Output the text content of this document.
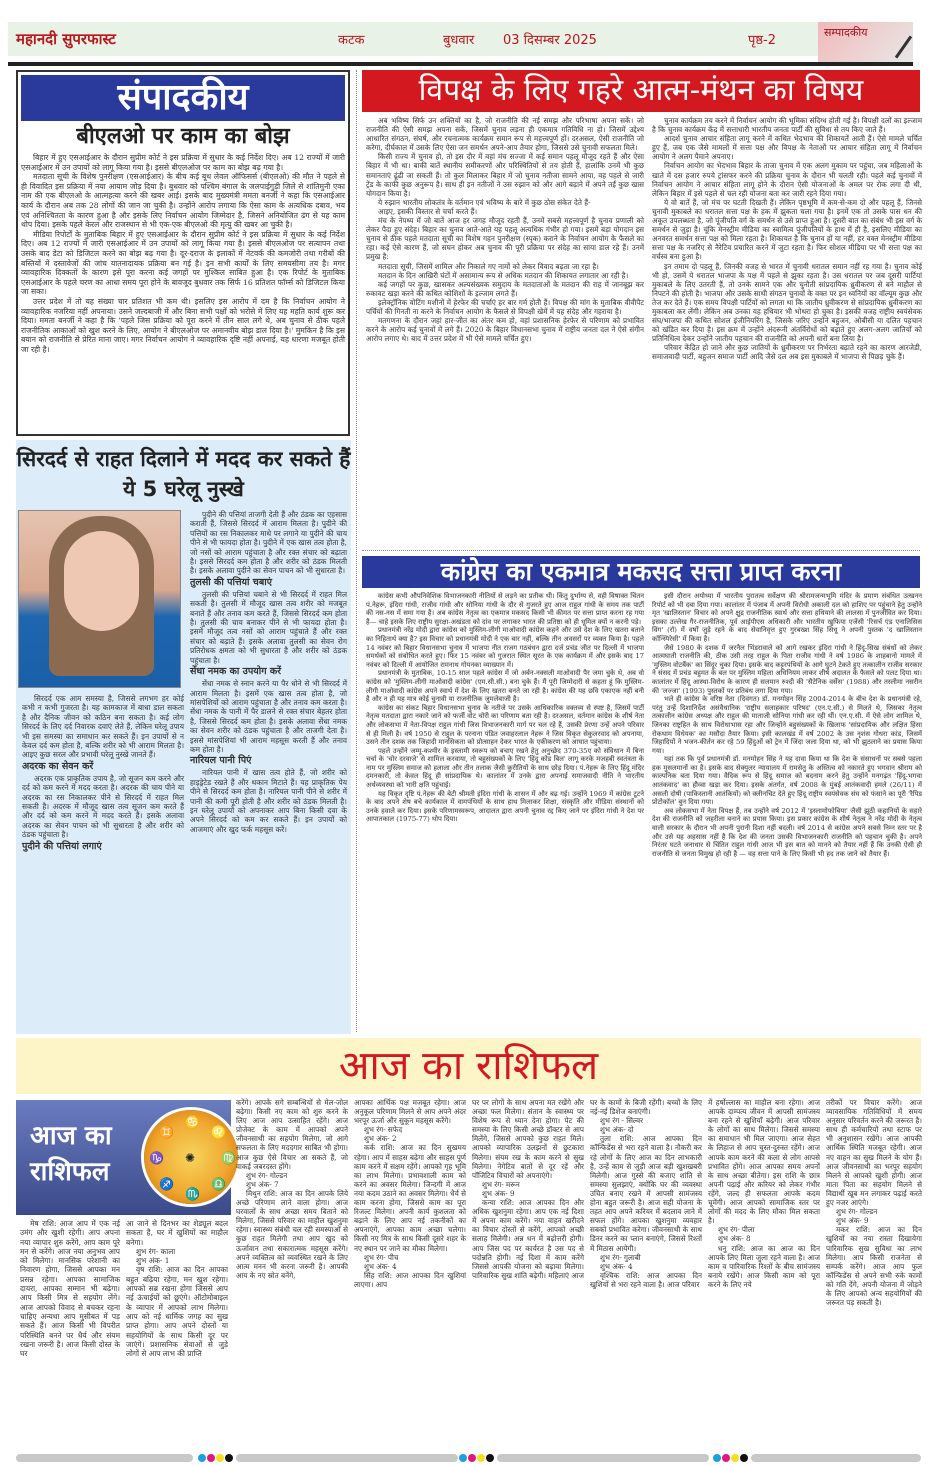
महानदी सुपरफास्ट	कटक	बुधवार 03 दिसम्बर 2025	पृष्ठ-2
सम्पादकीय
संपादकीय
बीएलओ पर काम का बोझ

बिहार में हुए एसआईआर के दौरान सुप्रीम कोर्ट ने इस प्रक्रिया में सुधार के कई निर्देश दिए। अब 12 राज्यों में जारी एसआईआर में उन उपायों को लागू किया गया है। इससे बीएलओज पर काम का बोझ बढ़ गया है।

मतदाता सूची के विशेष पुनरीक्षण (एसआईआर) के बीच कई बूथ लेवल ऑफिसर्स (बीएलओ) की मौत ने पहले से ही विवादित इस प्रक्रिया में नया आयाम जोड़ दिया है। बुधवार को पश्चिम बंगाल के जलपाईगुड़ी जिले से शांतिमुनी एका नाम की एक बीएलओ के आत्महत्या करने की खबर आई। इसके बाद मुख्यमंत्री ममता बनर्जी ने कहा कि एसआईआर कार्य के दौरान अब तक 28 लोगों की जान जा चुकी है। उन्होंने आरोप लगाया कि ऐसा काम के अत्यधिक दबाव, भय एवं अनिश्चितता के कारण हुआ है और इसके लिए निर्वाचन आयोग जिम्मेदार है, जिसने अनियोजित ढंग से यह काम थोप दिया। इसके पहले केरल और राजस्थान से भी एक-एक बीएलओ की मृत्यु की खबर आ चुकी है।

मीडिया रिपोर्टों के मुताबिक बिहार में हुए एसआईआर के दौरान सुप्रीम कोर्ट ने इस प्रक्रिया में सुधार के कई निर्देश दिए। अब 12 राज्यों में जारी एसआईआर में उन उपायों को लागू किया गया है। इससे बीएलओज पर सत्यापन तथा उसके बाद डेटा को डिजिटल करने का बोझ बढ़ गया है। दूर-दराज के इलाकों में नेटवर्क की कमजोरी तथा गरीबों की बस्तियों में दस्तावेजों की जांच यातनादायक प्रक्रिया बन गई है। इन सभी कार्यों के लिए समयसीमा तय है। मगर व्यावहारिक दिक्कतों के कारण इसे पूरा करना कई जगहों पर मुश्किल साबित हुआ है। एक रिपोर्ट के मुताबिक एसआईआर के पहले चरण का आधा समय पूरा होने के बावजूद बुधवार तक सिर्फ 16 प्रतिशत फॉर्म्स को डिजिटल किया जा सका।

उत्तर प्रदेश में तो यह संख्या चार प्रतिशत भी कम थी। इसलिए इस आरोप में दम है कि निर्वाचन आयोग ने व्यावहारिक नजरिया नहीं अपनाया। उसने जल्दबाजी में और बिना सभी पक्षों को भरोसे में लिए यह महति कार्य शुरू कर दिया। ममता बनर्जी ने कहा है कि 'पहले जिस प्रक्रिया को पूरा करने में तीन साल लगे थे, अब चुनाव से ठीक पहले राजनीतिक आकाओं को खुश करने के लिए, आयोग ने बीएलओज पर अमानवीय बोझ डाल दिया है।' मुमकिन है कि इस बयान को राजनीति से प्रेरित माना जाए। मगर निर्वाचन आयोग ने व्यावहारिक दृष्टि नहीं अपनाई, यह धारणा मजबूत होती जा रही है।

सिरदर्द से राहत दिलाने में मदद कर सकते हैं ये 5 घरेलू नुस्खे

पुदीने की पत्तियां ताजगी देती हैं और ठंडक का एहसास कराती हैं, जिससे सिरदर्द में आराम मिलता है। पुदीने की पत्तियों का रस निकालकर माथे पर लगाने या पुदीने की चाय पीने से भी फायदा होता है। पुदीने में एक खास तत्व होता है, जो नसों को आराम पहुंचाता है और रक्त संचार को बढ़ाता है। इससे सिरदर्द कम होता है और शरीर को ठंडक मिलती है। इसके अलावा पुदीने का सेवन पाचन को भी सुधारता है।

तुलसी की पत्तियां चबाएं

तुलसी की पत्तियां चबाने से भी सिरदर्द में राहत मिल सकती है। तुलसी में मौजूद खास तत्व शरीर को मजबूत बनाते हैं और तनाव कम करते हैं, जिससे सिरदर्द कम होता है। तुलसी की चाय बनाकर पीने से भी फायदा होता है। इसमें मौजूद तत्व नसों को आराम पहुंचाते हैं और रक्त संचार को बढ़ाते हैं। इसके अलावा तुलसी का सेवन रोग प्रतिरोधक क्षमता को भी सुधारता है और शरीर को ठंडक पहुंचाता है।

सेंधा नमक का उपयोग करें

सेंधा नमक से स्नान करने या पैर धोने से भी सिरदर्द में आराम मिलता है। इसमें एक खास तत्व होता है, जो मांसपेशियों को आराम पहुंचाता है और तनाव कम करता है। सेंधा नमक के पानी में पैर डालने से रक्त संचार बेहतर होता है, जिससे सिरदर्द कम होता है। इसके अलावा सेंधा नमक का सेवन शरीर को ठंडक पहुंचाता है और ताजगी देता है। इससे मांसपेशियां भी आराम महसूस करती हैं और तनाव कम होता है।

नारियल पानी पिएं

नारियल पानी में खास तत्व होते हैं, जो शरीर को हाइड्रेटेड रखते हैं और थकान मिटाते हैं। यह प्राकृतिक पेय पीने से सिरदर्द कम होता है। नारियल पानी पीने से शरीर में पानी की कमी पूरी होती है और शरीर को ठंडक मिलती है। इन घरेलू उपायों को अपनाकर आप बिना किसी दवा के अपने सिरदर्द को कम कर सकते हैं। इन उपायों को आजमाएं और खुद फर्क महसूस करें।

सिरदर्द एक आम समस्या है, जिससे लगभग हर कोई कभी न कभी गुजरता है। यह कामकाज में बाधा डाल सकता है और दैनिक जीवन को कठिन बना सकता है। कई लोग सिरदर्द के लिए दर्द निवारक दवाएं लेते हैं, लेकिन घरेलू उपाय भी इस समस्या का समाधान कर सकते हैं। इन उपायों से न केवल दर्द कम होता है, बल्कि शरीर को भी आराम मिलता है। आइए कुछ सरल और प्रभावी घरेलू नुस्खे जानते हैं।

अदरक का सेवन करें

अदरक एक प्राकृतिक उपाय है, जो सूजन कम करने और दर्द को कम करने में मदद करता है। अदरक की चाय पीने या अदरक का रस निकालकर पीने से सिरदर्द में राहत मिल सकती है। अदरक में मौजूद खास तत्व सूजन कम करते हैं और दर्द को कम करने में मदद करते हैं। इसके अलावा अदरक का सेवन पाचन को भी सुधारता है और शरीर को ठंडक पहुंचाता है।

पुदीने की पत्तियां लगाएं
विपक्ष के लिए गहरे आत्म-मंथन का विषय

अब भविष्य सिर्फ उन शक्तियों का है, जो राजनीति की नई समझ और परिभाषा अपना सकें। जो राजनीति की ऐसी समझ अपना सकें, जिसमें चुनाव लड़ना ही एकमात्र गतिविधि ना हो। जिसमें उद्देश्य आधारित संगठन, संघर्ष, और रचनात्मक कार्यक्रम समान रूप से महत्त्वपूर्ण हों। दरअसल, ऐसी राजनीति जो करेगा, दीर्घकाल में उसके लिए ऐसा जन समर्थन अपने-आप तैयार होगा, जिससे उसे चुनावी सफलता मिले।

किसी राज्य में चुनाव हो, तो इस दौर में वहां मंच सज्जा में कई समान पहलू मौजूद रहते हैं और ऐसा बिहार में भी था। बाकी बातें स्थानीय समीकरणों और परिस्थितियों से तय होती हैं, हालांकि उनमें भी कुछ समानताएं ढूंढी जा सकती हैं। तो कुल मिलाकर बिहार में जो चुनाव नतीजा सामने आया, वह पहले से जारी ट्रेंड के काफी कुछ अनुरूप है। साथ ही इन नतीजों ने उस रुझान को और आगे बढ़ाने में अपने तईं कुछ खास योगदान किया है।

ये रुझान भारतीय लोकतंत्र के वर्तमान एवं भविष्य के बारे में कुछ ठोस संकेत देते हैं-

आइए, इसकी विस्तार से चर्चा करते हैं।

मंच के नेपथ्य में जो बातें आज हर जगह मौजूद रहती हैं, उनमें सबसे महत्त्वपूर्ण है चुनाव प्रणाली को लेकर पैदा हुए संदेह। बिहार का चुनाव आते-आते यह पहलू अत्यधिक गंभीर हो गया। इसमें बड़ा योगदान इस चुनाव से ठीक पहले मतदाता सूची का विशेष गहन पुनरीक्षण (स्पृक) कराने के निर्वाचन आयोग के फैसले का रहा। कई ऐसे कारण हैं, जो सघन होकर अब चुनाव की पूरी प्रक्रिया पर संदेह का साया डाल रहे हैं। उनमें प्रमुख है:

मतदाता सूची, जिसमें शामिल और निकाले गए नामों को लेकर विवाद बढ़ता जा रहा है।

मतदान के दिन आखिरी घंटों में असामान्य रूप से अधिक मतदान की शिकायत लगातार आ रही है।

कई जगहों पर कुछ, खासकर अल्पसंख्यक समुदाय के मतदाताओं के मतदान की राह में जानबूझ कर रुकावट खड़ा करने की कथित कोशिशों के इल्जाम लगते हैं।

इलेक्ट्रॉनिक वोटिंग मशीनों में हेरफेर की चर्चाएं हर बार गर्म होती हैं। विपक्ष की मांग के मुताबिक वीवीपैट पर्चियों की गिनती ना करने के निर्वाचन आयोग के फैसले से विपक्षी खेमें में यह संदेह और गहराया है।

मतगणना के दौरान जहां हार-जीत का अंतर कम हो, वहां प्रशासनिक हेरफेर से परिणाम को प्रभावित करने के आरोप कई चुनावों में लगे हैं। 2020 के बिहार विधानसभा चुनाव में राष्ट्रीय जनता दल ने ऐसे संगीन आरोप लगाए थे। बाद में उत्तर प्रदेश में भी ऐसे मामले चर्चित हुए।

चुनाव कार्यक्रम तय करने में निर्वाचन आयोग की भूमिका संदिग्ध होती गई है। विपक्षी दलों का इल्जाम है कि चुनाव कार्यक्रम केंद्र में सत्ताधारी भारतीय जनता पार्टी की सुविधा से तय किए जाते हैं।

आदर्श चुनाव आचार संहिता लागू करने में कथित भेदभाव की शिकायतें आती हैं। ऐसे मामले चर्चित हुए हैं, जब एक जैसे मामलों में सत्ता पक्ष और विपक्ष के नेताओं पर आचार संहिता लागू में निर्वाचन आयोग ने अलग पैमाने अपनाए।

निर्वाचन आयोग का भेदभाव बिहार के ताजा चुनाव में एक अलग मुकाम पर पहुंचा, जब महिलाओं के खाते में दस हजार रुपये ट्रांसफर करने की प्रक्रिया चुनाव के दौरान भी चलती रही। पहले कई चुनावों में निर्वाचन आयोग ने आचार संहिता लागू होने के दौरान ऐसी योजनाओं के अमल पर रोक लगा दी थी, लेकिन बिहार में इसे पहले से चल रही योजना बता कर जारी रहने दिया गया।

ये वो बातें हैं, जो मंच पर घटती दिखती हैं। लेकिन पृष्ठभूमि में कम-से-कम दो और पहलू हैं, जिनसे चुनावी मुकाबले का धरातल सत्ता पक्ष के हक में झुकता चला गया है। इनमें एक तो उसके पास धन की अकूत उपलब्धता है, जो पूंजीपति वर्ग के समर्थन से उसे प्राप्त हुआ है। दूसरी बात का संबंध भी इस वर्ग के समर्थन से जुड़ा है। चूंकि मेनस्ट्रीम मीडिया का स्वामित्व पूंजीपतियों के हाथ में ही है, इसलिए मीडिया का अनवरत समर्थन सत्ता पक्ष को मिला रहता है। शिकायत है कि चुनाव हों या नहीं, हर वक्त मेनस्ट्रीम मीडिया सत्ता पक्ष के नजरिए से नैरेटिव प्रचारित करने में जुटा रहता है। फिर सोशल मीडिया पर भी सत्ता पक्ष का वर्चस्व बना हुआ है।

इन तमाम दो पहलू हैं, जिनकी वजह से भारत में चुनावी धरातल समान नहीं रह गया है। चुनाव कोई भी हो, उसमें ये धरातल भाजपा के पक्ष में पहले से झुका रहता है। उस धरातल पर जब दूसरी पार्टियां मुकाबले के लिए उतरती हैं, तो उनके सामने एक और चुनौती सांप्रदायिक ध्रुवीकरण से बने माहौल से निपटने की होती है। भाजपा और उसके साथी संगठन चुनावों के वक्त पर इन ध्वनियों का वॉल्यूम कुछ और तेज कर देते हैं। एक समय विपक्षी पार्टियों को लगता था कि जातीय ध्रुवीकरण से सांप्रदायिक ध्रुवीकरण का मुकाबला कर लेंगी। लेकिन अब उनका यह हथियार भी भोथरा हो चुका है। इसकी वजह राष्ट्रीय स्वयंसेवक संघ/भाजपा की कथित सोशल इंजीनियरिंग है, जिसके जरिए उन्होंने बहुजन, ओबीसी या दलित पहचान को खंडित कर दिया है। इस क्रम में उन्होंने अंदरूनी अंतर्विरोधों को बढ़ाते हुए अलग-अलग जातियों को प्रतिनिधित्व देकर उन्होंने जातीय पहचान की राजनीति को अपनी धारों बना लिया है।

परिवार केंद्रित हो जाने और कुछ जातियों के ध्रुवीकरण पर निर्भरता बढ़ाते रहने का कारण आरजेडी, समाजवादी पार्टी, बहुजन समाज पार्टी आदि जैसे दल अब इस मुकाबले में भाजपा से पिछड़ चुके हैं।

कांग्रेस का एकमात्र मकसद सत्ता प्राप्त करना

कांग्रेस कभी औपनिवेशिक विभाजनकारी नीतियों से लड़ने का प्रतीक थी। किंतु दुर्भाग्य से, वही विषाक्त चिंतन पं.नेहरू, इंदिरा गांधी, राजीव गांधी और सोनिया गांधी के दौर से गुजरते हुए आज राहुल गांधी के समय तक पार्टी की नस-नस में समा गया है। अब कांग्रेस नेतृत्व का एकमात्र मकसद किसी भी कीमत पर सत्ता प्राप्त करना रह गया है— चाहे इसके लिए राष्ट्रीय सुरक्षा-अखंडता को दांव पर लगाकर भारत की प्रतिष्ठा को ही धूमिल क्यों न करनी पड़े।

प्रधानमंत्री नरेंद्र मोदी द्वारा कांग्रेस को मुस्लिम-लीगी माओवादी कांग्रेस कहने और उसे देश के लिए खतरा बताने का निहितार्थ क्या है? इस विचार को प्रधानमंत्री मोदी ने एक बार नहीं, बल्कि तीन अवसरों पर व्यक्त किया है। पहले 14 नवंबर को बिहार विधानसभा चुनाव में भाजपा नीत राजग गठबंधन द्वारा दर्ज प्रचंड जीत पर दिल्ली में भाजपा समर्थकों को संबोधित करते हुए। फिर 15 नवंबर को गुजरात स्थित सूरत के एक कार्यक्रम में और इसके बाद 17 नवंबर को दिल्ली में आयोजित रामनाथ गोयनका व्याख्यान में।

प्रधानमंत्री के मुताबिक, 10-15 साल पहले कांग्रेस में जो अर्बन-नक्सली माओवादी पैर जमा चुके थे, अब वो कांग्रेस को 'मुस्लिम-लीगी माओवादी कांग्रेस' (एम.सी.सी.) बना चुके हैं। मैं पूरी जिम्मेदारी से कहता हूं कि मुस्लिम-लीगी माओवादी कांग्रेस अपने स्वार्थ में देश के लिए खतरा बनते जा रही है। कांग्रेस की यह छवि एकाएक नहीं बनी है और न ही यह मात्र कोई चुनावी या राजनीतिक जुमलेबाजी है।

कांग्रेस का संकट बिहार विधानसभा चुनाव के नतीजे पर उसके आधिकारिक वक्तव्य से स्पष्ट है, जिसमें पार्टी नेतृत्व मतदाता द्वारा नकारे जाने को फर्जी वोट चोरी का परिणाम बता रही है। दरअसल, वर्तमान कांग्रेस के शीर्ष नेता और लोकसभा में नेता-विपक्ष राहुल गांधी जिस विभाजनकारी मार्ग पर चल रहे हैं, उसकी प्रेरणा उन्हें अपने परिवार से ही मिली है। वर्ष 1950 से राहुल के परनाना पंडित जवाहरलाल नेहरू ने जिस विकृत सेकुलरवाद को अपनाया, उसने तीन दशक तक जिहादी मानसिकता को प्रोत्साहन देकर भारत के एकीकरण को आघात पहुंचाया।

पहले उन्होंने जम्मू-कश्मीर के इस्लामी स्वरूप को बचाए रखने हेतु अनुच्छेद 370-35ए को संविधान में बिना चर्चा के 'चोर दरवाजे' से शामिल करवाया, तो बहुसंख्यकों के लिए 'हिंदू कोड बिल' लागू करके मजहबी स्वतंत्रता के नाम पर मुस्लिम समाज को हलाला और तीन तलाक जैसी कुरीतियों के साथ छोड़ दिया। पं.नेहरू के लिए हिंदू मंदिर दमनकारी, तो केवल हिंदू ही सांप्रदायिक थे। कालांतर में उनके द्वारा अपनाई समाजवादी नीति ने भारतीय अर्थव्यवस्था को भारी क्षति पहुंचाई।

यह विकृत दृष्टि पं.नेहरू की बेटी श्रीमती इंदिरा गांधी के शासन में और बढ़ गई। उन्होंने 1969 में कांग्रेस टूटने के बाद अपने शेष बचे कार्यकाल में वामपंथियों के साथ हाथ मिलाकर शिक्षा, संस्कृति और मीडिया संस्थानों को उनके हवाले कर दिया। इसके परिणामस्वरूप, आदालत द्वारा अपनी चुनाव रद्द किए जाने पर इंदिरा गांधी ने देश पर आपातकाल (1975-77) थोप दिया।

इसी दौरान अयोध्या में भारतीय पुरातत्व सर्वेक्षण की श्रीरामजन्मभूमि मंदिर के प्रमाण संबंधित उत्खनन रिपोर्ट को भी दबा दिया गया। कालांतर में पंजाब में अपनी विरोधी अकाली दल को हाशिए पर पहुंचाने हेतु उन्होंने मृत 'खालिस्तान' विचार को अपने क्षुद्र राजनीतिक स्वार्थ और सत्ता हथियाने की लालसा में पुनर्जीवित कर दिया। इसका उल्लेख गैर-राजनीतिक, पूर्व आईपीएस अधिकारी और भारतीय खुफिया एजेंसी 'रिसर्च एंड एनालिसिस विंग' (रॉ) में वर्षों जुड़े रहने के बाद सेवानिवृत्त हुए गुरबख्श सिंह सिधू ने अपनी पुस्तक 'द खालिस्तान कॉन्स्पिरेसी' में किया है।

जैसे 1980 के दशक में जरनैल भिंडरावाले को आगे रखकर इंदिरा गांधी ने हिंदू-सिख संबंधों को लेकर आत्मघाती राजनीति की, ठीक उसी तरह राहुल के पिता राजीव गांधी ने वर्ष 1986 के शाहबानो मामले में 'मुस्लिम वोटबैंक' का सिंदूर चुका दिया। इसके बाद कट्टरपंथियों के आगे घुटने टेकते हुए तत्कालीन राजीव सरकार ने संसद में प्रचंड बहुमत के बल पर मुस्लिम महिला अधिनियम लाकर शीर्ष अदालत के फैसले को पलट दिया था। कालांतर में हिंदू आस्था-विरोध के कारण ही सलमान रुश्दी की 'सैटेनिक वर्सेस' (1988) और तस्लीमा नसरीन की 'लज्जा' (1993) पुस्तकों पर प्रतिबंध लगा दिया गया।

भले ही कांग्रेस के वरिष्ठ नेता (दिवंगत) डॉ. मनमोहन सिंह 2004-2014 के बीच देश के प्रधानमंत्री रहे, परंतु उन्हें दिशानिर्देश असंवैधानिक 'राष्ट्रीय सलाहकार परिषद' (एन.ए.सी.) से मिलते थे, जिसका नेतृत्व तत्कालीन कांग्रेस अध्यक्ष और राहुल की माताजी सोनिया गांधी कर रही थीं। एन.ए.सी. में ऐसे लोग शामिल थे, जिनका राष्ट्रहित के साथ विरोधाभास रहा और जिन्होंने बहुसंख्यकों के खिलाफ 'सांप्रदायिक और लक्षित हिंसा रोकथाम विधेयक' का मसौदा तैयार किया। इसी कालखंड में वर्ष 2002 के उस नृशंस गोधरा कांड, जिसमें जिहादियों ने भजन-कीर्तन कर रहे 59 हिंदुओं को ट्रेन में जिंदा जला दिया था, को भी झुठलाने का प्रयास किया गया।

यहां तक कि पूर्व प्रधानमंत्री डॉ. मनमोहन सिंह ने यह दावा किया था कि देश के संसाधनों पर सबसे पहला हक मुसलमानों का है। इसके बाद सेक्युलर न्यायालय में रामसेतु के अस्तित्व को नकारते हुए भगवान श्रीराम को काल्पनिक बता दिया गया। वैदिक रूप से हिंदू समाज को बदनाम करने हेतु उन्होंने मनगढ़ंत 'हिंदू-भगवा आतंकवाद' का हौव्वा खड़ा कर दिया। इसके अंतर्गत, वर्ष 2008 के मुंबई आतंकवादी हमले (26/11) में असली दोषी (पाकिस्तानी आतंकियों) को क्लीनचिट देते हुए हिंदू राष्ट्रीय स्वयंसेवक संघ को फंसाने का पूरी 'रैपिड प्रोटोकॉल' बुन दिया गया।

अब लोकसभा में नेता विपक्ष हैं, तब उन्होंने वर्ष 2012 में 'इस्लामोफोबिया' जैसी झूठी कहानियों के सहारे देश की राजनीति को जहरीला बनाने का प्रयास किया। इस प्रकार कांग्रेस के शीर्ष नेतृत्व ने नरेंद्र मोदी के नेतृत्व वाली सरकार के दौरान भी अपनी पुरानी दिशा नहीं बदली। वर्ष 2014 से कांग्रेस अपने सबसे निम्न स्तर पर है और उसे यह अहसास नहीं है कि देश की जनता उसकी विभाजनकारी राजनीति को पहचान चुकी है। अपने निरंतर घटते जनाधार से चिंतित राहुल गांधी आज भी इस बात को मानने को तैयार नहीं हैं कि उनकी ऐसी ही राजनीति से जनता विमुख हो रही है — वह सत्ता पाने के लिए किसी भी हद तक जाने को तैयार हैं।

आज का राशिफल
आज का
राशिफल
♋
♌
♍
♎
♏
♐
♑
♊
✺

मेष राशि: आज आप में एक नई उमंग और खुशी रहेगी। आप अपना नया व्यापार शुरु करेंगे, आप काम पूरे मन से करेंगे। आज नया अनुभव आप को मिलेगा। मानसिक परेशानी का निवारण होगा, जिससे आपका मन प्रसन्न रहेगा। आपका सामाजिक दायरा, आपका सम्मान भी बढ़ेगा। आप किसी मित्र से सहयोग लेंगे। आज आपको विवाद से बचकर रहना चाहिए अन्यथा आप मुसीबत में पड़ सकते हैं। आज किसी भी विपरीत परिस्थिति बनने पर धैर्य और संयम रखना जरूरी है। आज किसी दोस्त के घर

आ जाने से दिनभर का शेड्यूल बदल सकता है, घर में खुशियों का माहौल बनेगा।

शुभ रंग- काला

शुभ अंक- 1

वृष राशि: आज का दिन आपका बहुत बढ़िया रहेगा, मन खुश रहेगा। आपको सब्र रखना होगा जिससे आप नई ऊंचाईयों को छूएंगे। ऑटोमोबाइल के व्यापार में आपको लाभ मिलेगा। आप को नई धार्मिक जगह का सुख प्राप्त होगा। आप अपने दोस्तों या सहयोगियों के साथ किसी दूर पर जाएंगे। प्रशासनिक सेवाओं से जुड़े लोगों से आप लाभ की प्राप्ति

करेंगे। आपके सगे सम्बन्धियों से मेल-जोल बढ़ेगा। किसी नए काम को शुरु करने के लिए आज आप उत्साहित रहेंगे। आज प्रोजेक्ट के काम में आपको अपने जीवनसाथी का सहयोग मिलेगा, जो आगे सफलता के लिए मददगार साबित भी होगा। आज कुछ ऐसे विचार आ सकते हैं, जो वाकई जबरदस्त होंगे।

शुभ रंग- गोल्डन

शुभ अंक- 7

मिथुन राशि: आज का दिन आपके लिये अच्छे परिणाम लाने वाला होगा। आज घरवालों के साथ अच्छा समय बिताने को मिलेगा, जिससे परिवार का माहौल खुशनुमा रहेगा। स्वास्थ्य संबंधी चल रही समस्याओं से कुछ राहत मिलेगी तथा आप खुद को ऊर्जावान तथा सकारात्मक महसूस करेंगे। अपने व्यक्तित्व को व्यवस्थित रखने के लिए आत्म मनन भी करना जरूरी है। आपकी आय के नए स्रोत बनेंगे,

आपका आर्थिक पक्ष मजबूत रहेगा। आज अनुकूल परिणाम मिलने से आप अपने अंदर भरपूर ऊर्जा और सुकून महसूस करेंगे।

शुभ रंग- सफेद

शुभ अंक- 2

कर्क राशि: आज का दिन सुखमय रहेगा। आप में साहस बढ़ेगा और साहस पूर्ण काम करने में सक्षम रहेंगे। आपको गृह भूमि का लाभ मिलेगा। प्रभावशाली काम को करने का अवसर मिलेगा। जिन्दगी में आज नया कदम उठाने का अवसर मिलेगा। धैर्य से काम करना होगा, जिससे काम का पूरा रिजल्ट मिलेगा। अपनी कार्य कुशलता को बढ़ाने के लिए आप नई तकनीकों का अपनाएंगे, आपका काम अच्छा चलेगा। किसी नए मित्र के साथ किसी दूसरे शहर के नए स्थान पर जाने का मौका मिलेगा।

शुभ रंग- पीच

शुभ अंक- 4

सिंह राशि: आज आपका दिन खुशियां लाएगा। आप

घर पर लोगों के साथ अपना मत रखेंगे और अच्छा फल मिलेगा। संतान के स्वास्थ्य पर विशेष रूप से ध्यान देना होगा। पेट की समस्या के लिए किसी अच्छे डॉक्टर से आप मिलेंगे, जिससे आपको कुछ राहत मिले। आपको व्यापारिक उलझनों से छुटकारा मिलेगा। संयम रख के काम करने से सुख मिलेगा। नेगेटिव बातों से दूर रहें और पॉजिटिव विचारों को अपनाएंगे।

शुभ रंग- मरून

शुभ अंक- 9

कन्या राशि: आज आपका दिन और अधिक खुशनुमा रहेगा। आप एक नई दिशा में अपना काम करेंगे। नया वाहन खरीदने का विचार दोस्तों से करेंगे, आपको अच्छी सलाह मिलेगी। अन्न धन में बढ़ोत्तरी होगी। आप जिस पद पर कार्यरत है उस पद से पदोन्नति होगी। नई दिशा में काम करेंगे जिससे आपकी योजना को बढ़ावा मिलेगा। पारिवारिक सुख शांति बढ़ेगी। महिलाएं आज

घर के कामों के बिजी रहेंगी। बच्चों के लिए नई-नई डिशेज बनाएंगी।

शुभ रंग - सिल्वर

शुभ अंक- दो

तुला राशि: आज आपका दिन कॉन्फिडेंस से भरा रहने वाला है। नौकरी कर रहे लोगों के लिए आज का दिन लाभकारी है, उन्हें काम से जुड़ी आज बड़ी खुशखबरी मिलेगी। आज गुस्से की बजाए शांति से समस्या सुलझाएं, क्योंकि घर की व्यवस्था उचित बनाए रखने में आपसी सामंजस्य होना बहुत जरूरी है। आज सही योजना के तहत आप अपने करियर में बदलाव लाने में सफल होंगे। आपका खुशनुमा व्यवहार सबको प्रभावित करेगा। जीवनसाथी के साथ डिनर करने का प्लान बनाएंगे, जिससे रिश्तों में मिठास आयेगी।

शुभ रंग- गुलाबी

शुभ अंक- 4

वृश्चिक राशि: आज आपका दिन खुशियों से भरा रहने वाला है। आज परिवार

में हर्षोल्लास का माहौल बना रहेगा। आज आपके दाम्पत्य जीवन में आपसी सामंजस्य बना रहने से खुशियाँ बढ़ेगी। आज परिवार के लोगों का साथ मिलेगा। जिससे समस्या का समाधान भी मिल जाएगा। आज सेहत के लिहाज से आप चुस्त-दुरुस्त रहेंगे। आज आपके काम करने की कला से लोग आपसे प्रभावित होंगे। आज आपका समय अपनों के साथ अच्छा बीतेगा। इस राशि के छात्र अपनी पढ़ाई और करियर को लेकर गंभीर रहेंगे, जल्द ही सफलता आपके कदम चूमेंगी। आज आपको सामाजिक स्तर पर लोगों की मदद के लिए मौका मिल सकता है।

शुभ रंग- पीला

शुभ अंक- 8

धनु राशि: आज का आज का दिन आपके लिए मिला जुला रहने वाला है। आज काम व पारिवारिक रिश्तों के बीच सामंजस्य बनाये रखेंगे। आज किसी काम को पूरा करने के लिए नये

तरीकों पर विचार करेंगे। आज व्यावसायिक गतिविधियों में समय अनुसार परिवर्तन करने की जरूरत है। साथ ही कर्मचारियों तथा स्टाफ पर भी अनुशासन रखेंगे। आज आपकी आर्थिक स्थिति मजबूत रहेगी। आज नए वाहन का सुख मिलने के योग हैं। आज जीवनसाथी का भरपूर सहयोग मिलने से आपको खुशी होगी। आज माता पिता का सहयोग मिलने से विद्यार्थी खूब मन लगाकर पढ़ाई करते हुए नजर आएंगे।

शुभ रंग- गोल्डन

शुभ अंक- 9

मकर राशि: आज का दिन खुशियों का नया रास्ता दिखायेगा पारिवारिक सुख सुविधा का लाभ मिलेगा। आप किसी राजनेता से सम्पर्क करेंगे। आज आप फुल कॉन्फिडेंस से अपने सभी रुके कामों को गति देंगे, अपनी योजना में जोड़ने के लिए आपको अन्य सहयोगियों की जरूरत पड़ सकती है।
